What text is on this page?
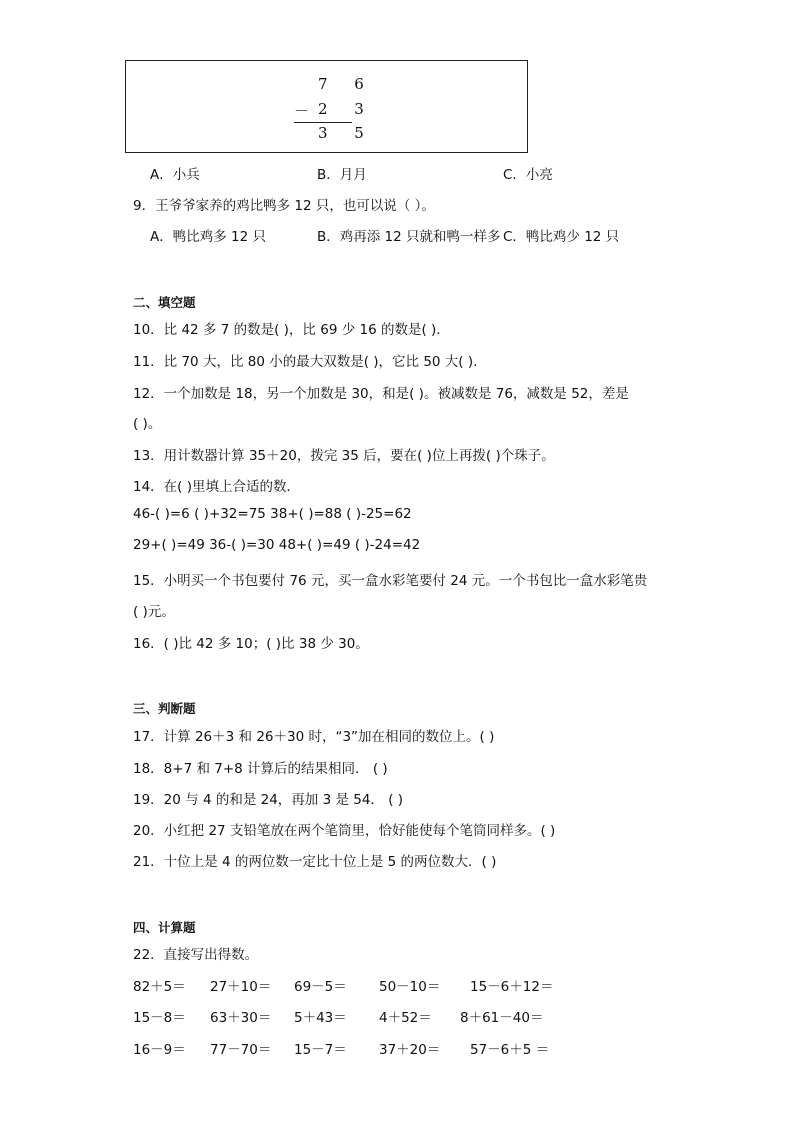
7 6
－ 2 3
3 5
A．小兵	B．月月	C．小亮
9．王爷爷家养的鸡比鸭多 12 只，也可以说（ ）。
A．鸭比鸡多 12 只	B．鸡再添 12 只就和鸭一样多 C．鸭比鸡少 12 只
二、填空题
10．比 42 多 7 的数是( )，比 69 少 16 的数是( ).
11．比 70 大，比 80 小的最大双数是( )，它比 50 大( ).
12．一个加数是 18，另一个加数是 30，和是( )。被减数是 76，减数是 52，差是
( )。
13．用计数器计算 35＋20，拨完 35 后，要在( )位上再拨( )个珠子。
14．在( )里填上合适的数．
46-( )=6 ( )+32=75 38+( )=88 ( )-25=62
29+( )=49 36-( )=30 48+( )=49 ( )-24=42
15．小明买一个书包要付 76 元，买一盒水彩笔要付 24 元。一个书包比一盒水彩笔贵
( )元。
16．( )比 42 多 10；( )比 38 少 30。
三、判断题
17．计算 26＋3 和 26＋30 时，“3”加在相同的数位上。( )
18．8+7 和 7+8 计算后的结果相同． ( )
19．20 与 4 的和是 24，再加 3 是 54． ( )
20．小红把 27 支铅笔放在两个笔筒里，恰好能使每个笔筒同样多。( )
21．十位上是 4 的两位数一定比十位上是 5 的两位数大．( )
四、计算题
22．直接写出得数。
82＋5＝ 27＋10＝ 69－5＝ 50－10＝ 15－6＋12＝
15－8＝ 63＋30＝ 5＋43＝ 4＋52＝ 8＋61－40＝
16－9＝ 77－70＝ 15－7＝ 37＋20＝ 57－6＋5 ＝
